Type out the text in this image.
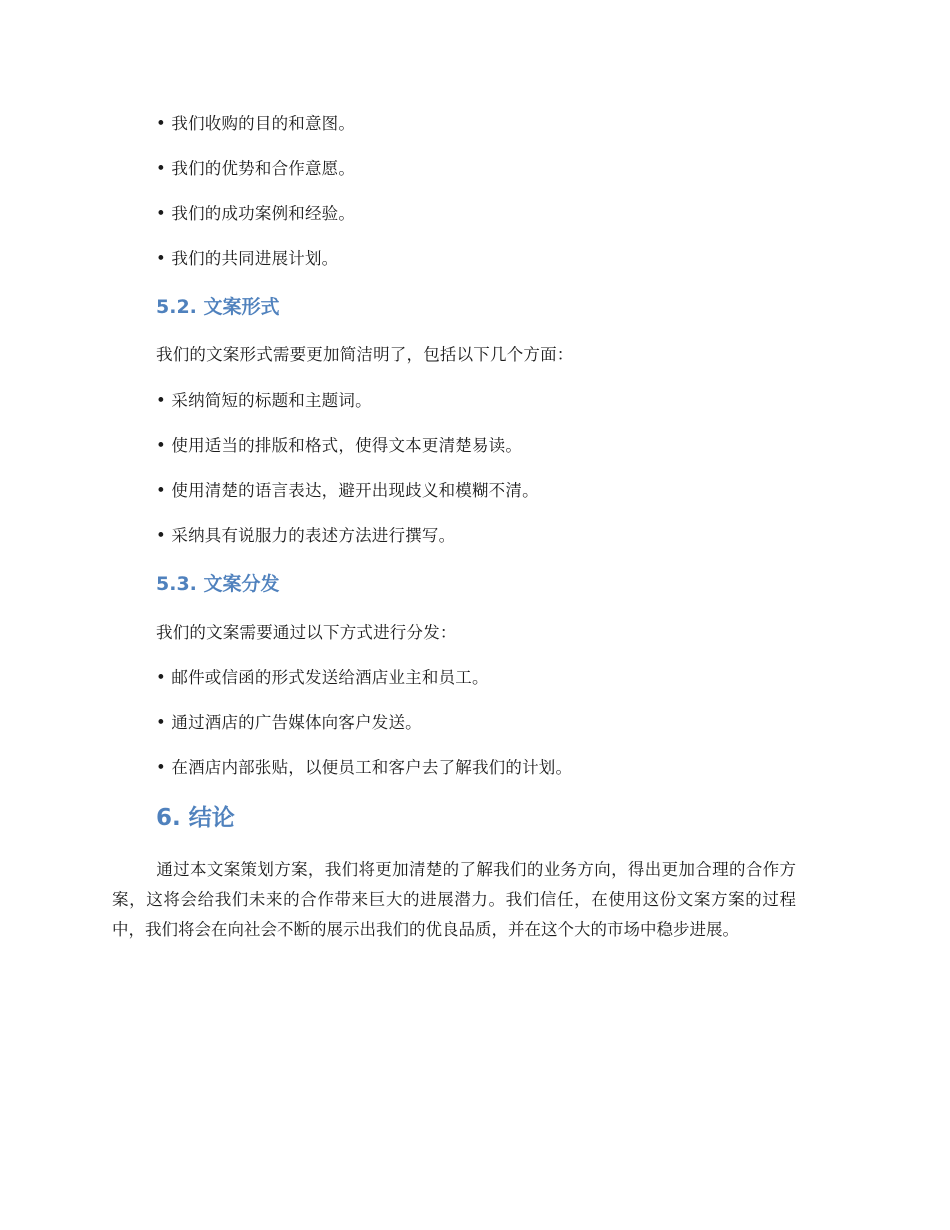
• 我们收购的目的和意图。
• 我们的优势和合作意愿。
• 我们的成功案例和经验。
• 我们的共同进展计划。
5.2. 文案形式
我们的文案形式需要更加简洁明了，包括以下几个方面：
• 采纳简短的标题和主题词。
• 使用适当的排版和格式，使得文本更清楚易读。
• 使用清楚的语言表达，避开出现歧义和模糊不清。
• 采纳具有说服力的表述方法进行撰写。
5.3. 文案分发
我们的文案需要通过以下方式进行分发：
• 邮件或信函的形式发送给酒店业主和员工。
• 通过酒店的广告媒体向客户发送。
• 在酒店内部张贴，以便员工和客户去了解我们的计划。
6. 结论

通过本文案策划方案，我们将更加清楚的了解我们的业务方向，得出更加合理的合作方案，这将会给我们未来的合作带来巨大的进展潜力。我们信任，在使用这份文案方案的过程中，我们将会在向社会不断的展示出我们的优良品质，并在这个大的市场中稳步进展。
